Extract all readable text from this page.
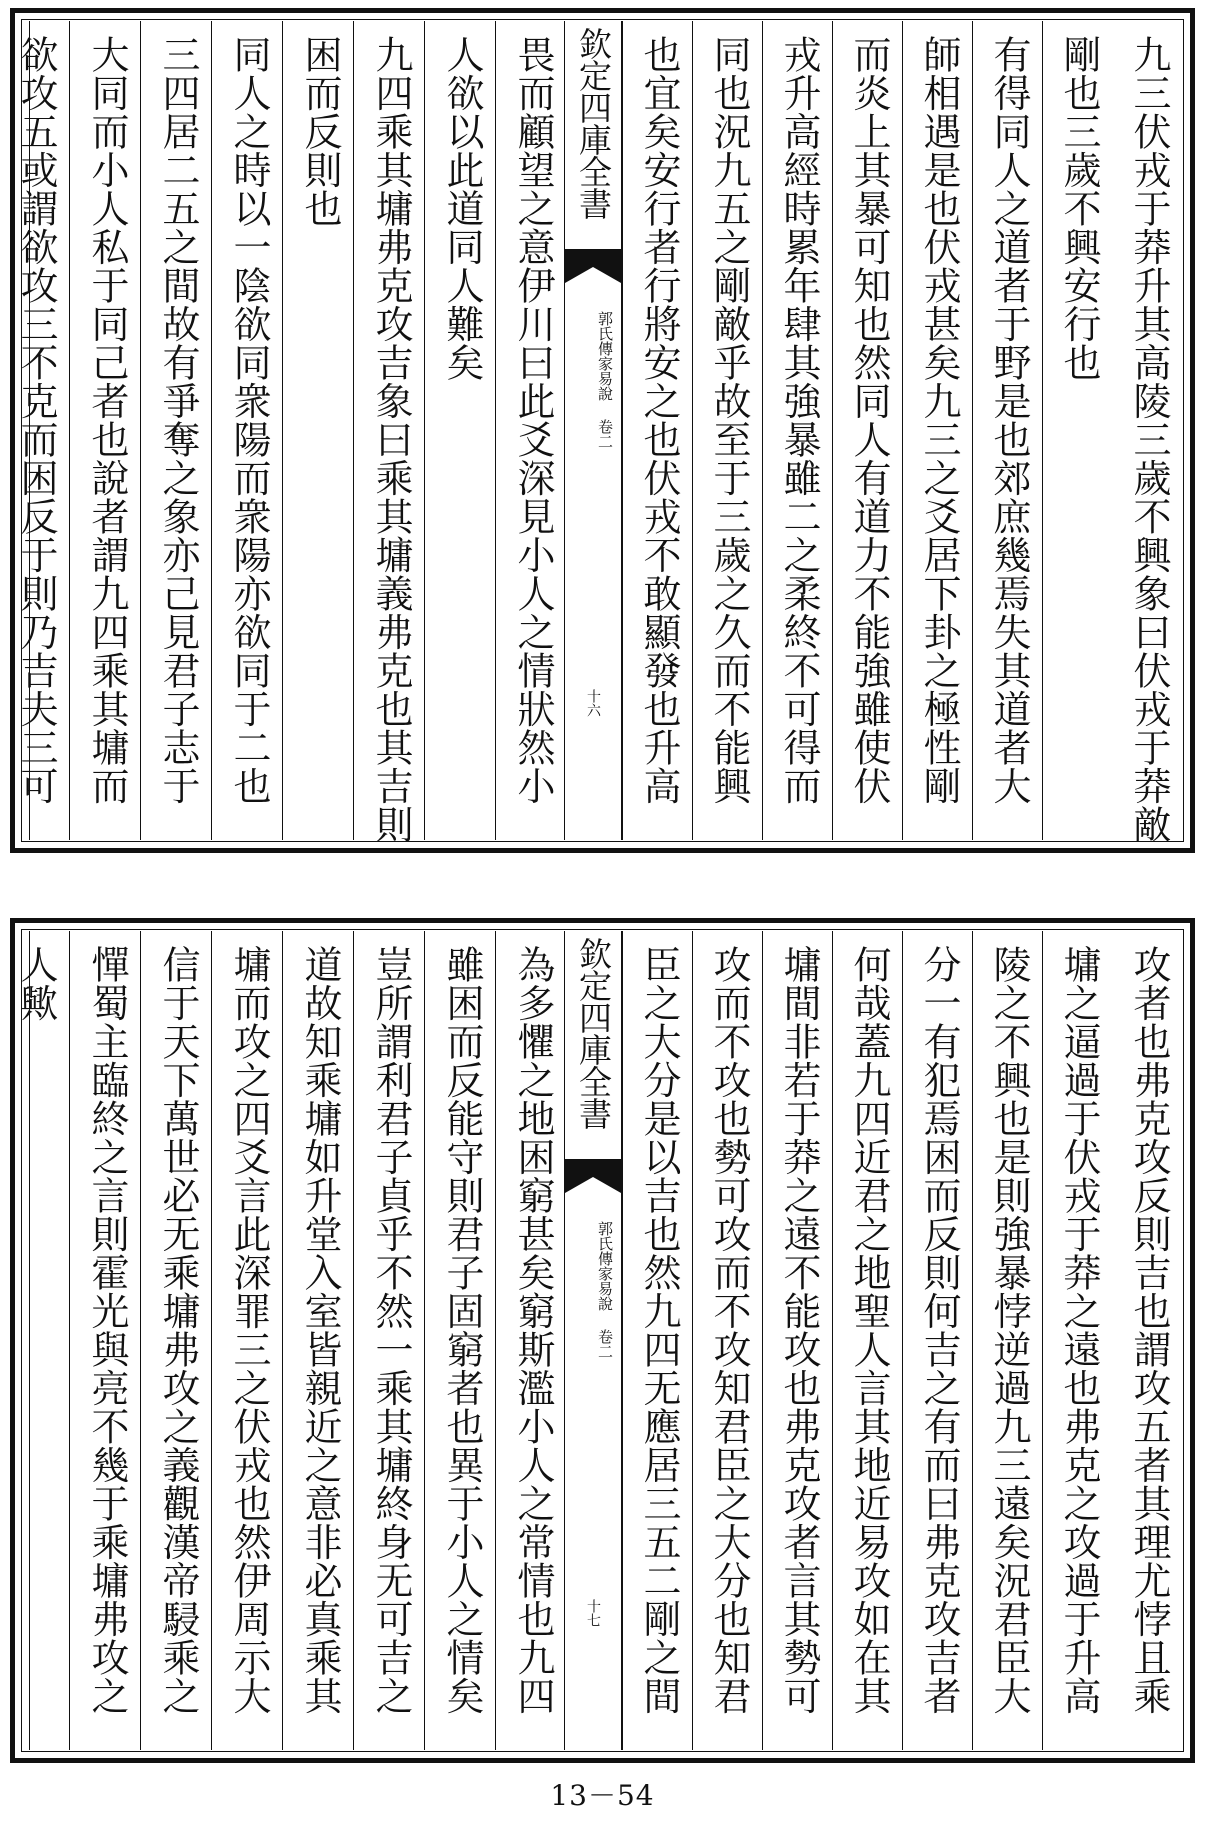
九三伏戎于莽升其高陵三歲不興象曰伏戎于莽敵
剛也三歲不興安行也
有得同人之道者于野是也郊庶幾焉失其道者大
師相遇是也伏戎甚矣九三之爻居下卦之極性剛
而炎上其暴可知也然同人有道力不能強雖使伏
戎升高經時累年肆其強暴雖二之柔終不可得而
同也況九五之剛敵乎故至于三歲之久而不能興
也宜矣安行者行將安之也伏戎不敢顯發也升高
欽定四庫全書
郭氏傳家易說 卷二
十六
畏而顧望之意伊川曰此爻深見小人之情狀然小
人欲以此道同人難矣
九四乘其墉弗克攻吉象曰乘其墉義弗克也其吉則
困而反則也
同人之時以一陰欲同衆陽而衆陽亦欲同于二也
三四居二五之間故有爭奪之象亦己見君子志于
大同而小人私于同己者也說者謂九四乘其墉而
欲攻五或謂欲攻三不克而困反于則乃吉夫三可
攻者也弗克攻反則吉也謂攻五者其理尤悖且乘
墉之逼過于伏戎于莽之遠也弗克之攻過于升高
陵之不興也是則強暴悖逆過九三遠矣況君臣大
分一有犯焉困而反則何吉之有而曰弗克攻吉者
何哉蓋九四近君之地聖人言其地近易攻如在其
墉間非若于莽之遠不能攻也弗克攻者言其勢可
攻而不攻也勢可攻而不攻知君臣之大分也知君
臣之大分是以吉也然九四无應居三五二剛之間
欽定四庫全書
郭氏傳家易說 卷二
十七
為多懼之地困窮甚矣窮斯濫小人之常情也九四
雖困而反能守則君子固窮者也異于小人之情矣
豈所謂利君子貞乎不然一乘其墉終身无可吉之
道故知乘墉如升堂入室皆親近之意非必真乘其
墉而攻之四爻言此深罪三之伏戎也然伊周示大
信于天下萬世必无乘墉弗攻之義觀漢帝駸乘之
憚蜀主臨終之言則霍光與亮不幾于乘墉弗攻之
人歟
13－54
